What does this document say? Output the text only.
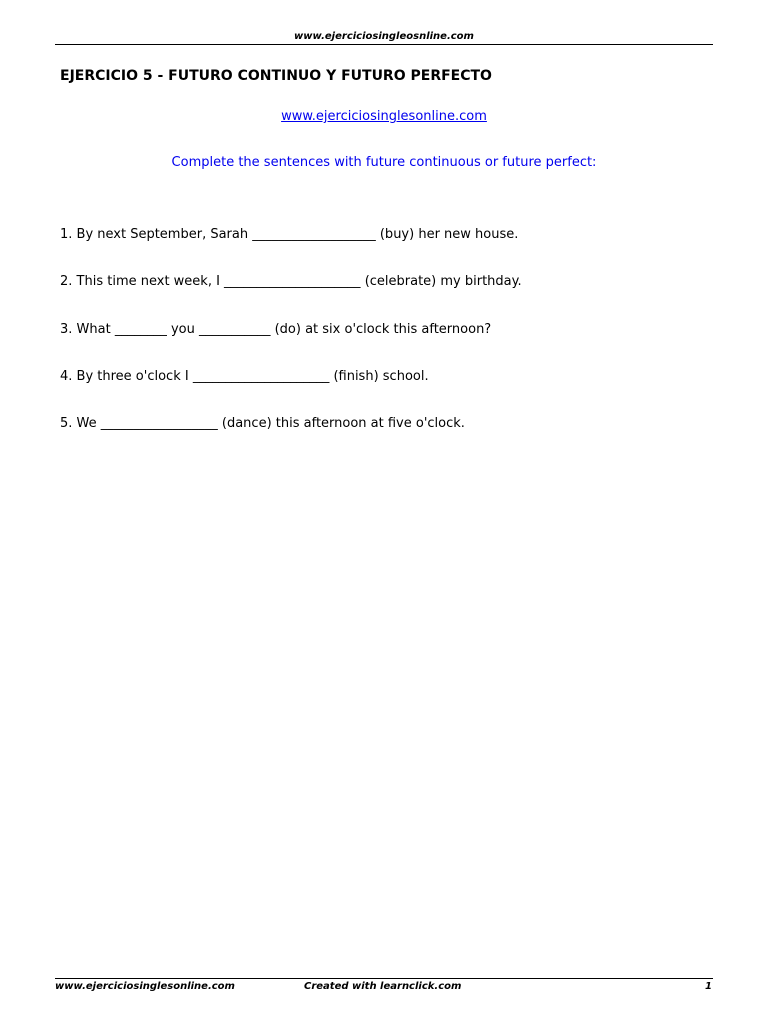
www.ejerciciosingleosnline.com
EJERCICIO 5 - FUTURO CONTINUO Y FUTURO PERFECTO
www.ejerciciosinglesonline.com
Complete the sentences with future continuous or future perfect:
1. By next September, Sarah ___________________ (buy) her new house.
2. This time next week, I _____________________ (celebrate) my birthday.
3. What ________ you ___________ (do) at six o'clock this afternoon?
4. By three o'clock I _____________________ (finish) school.
5. We __________________ (dance) this afternoon at five o'clock.
www.ejerciciosinglesonline.com	Created with learnclick.com	1
